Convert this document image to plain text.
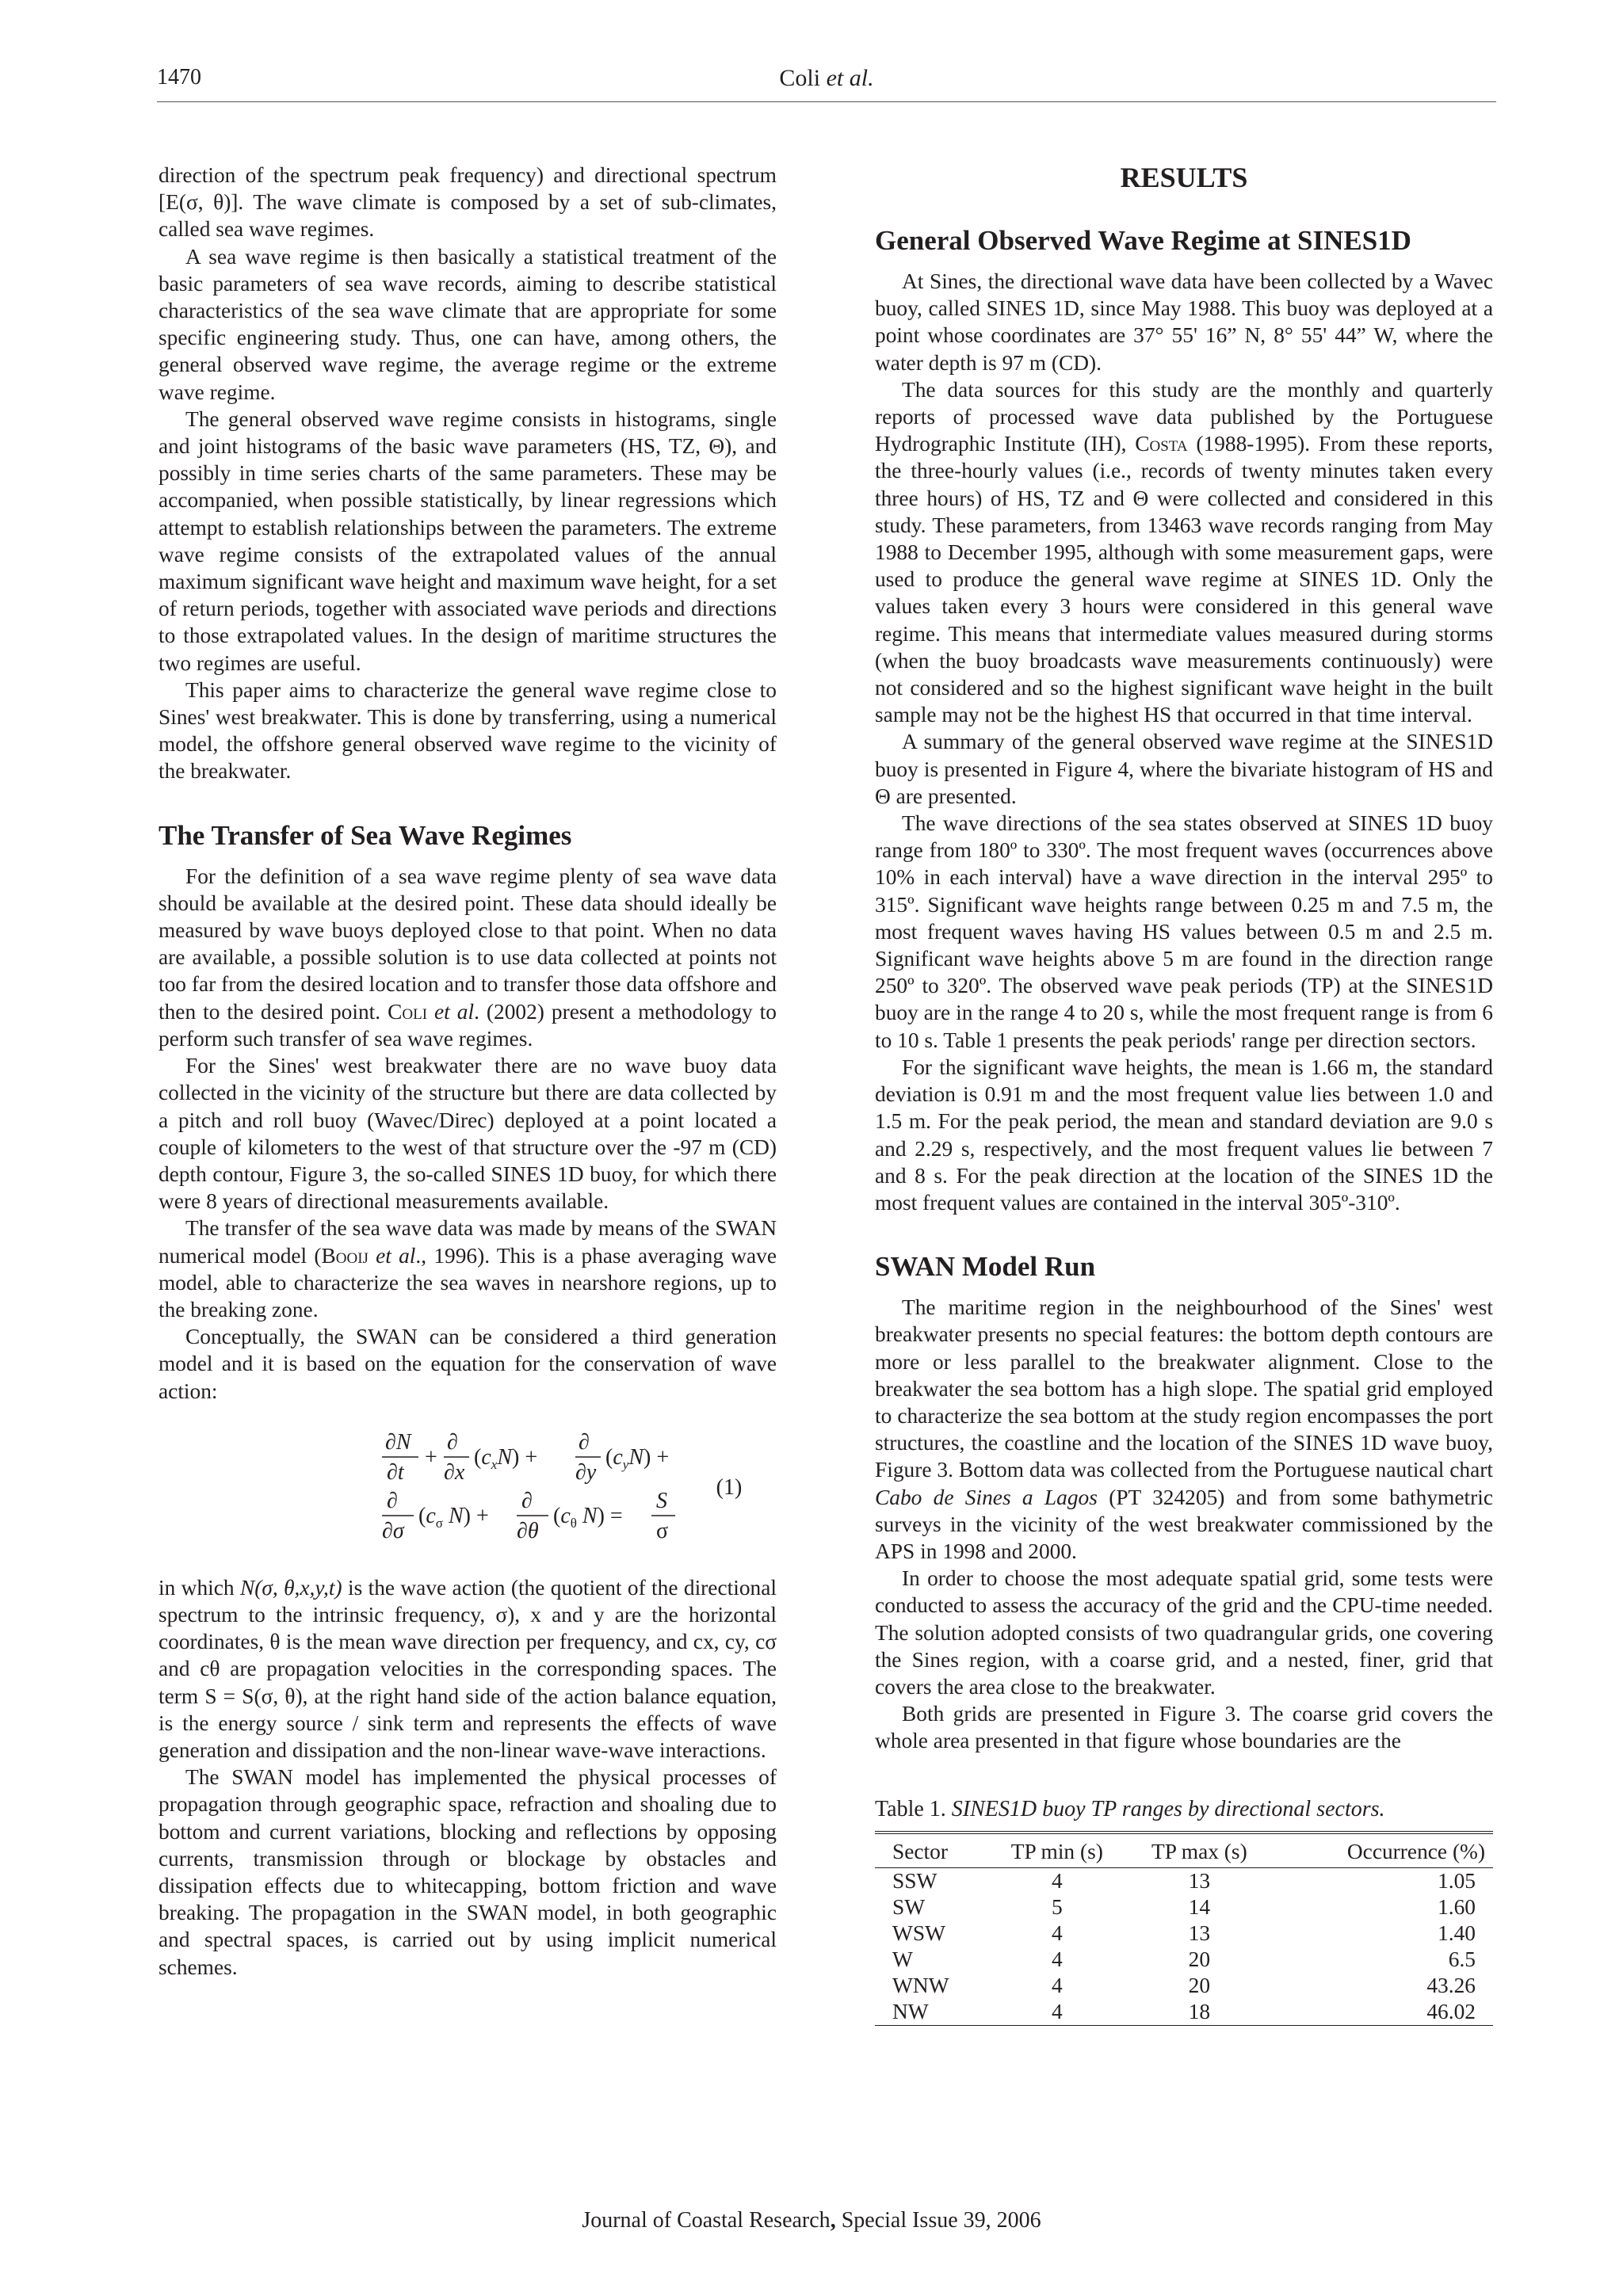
1470	Coli et al.

direction of the spectrum peak frequency) and directional spectrum [E(σ, θ)]. The wave climate is composed by a set of sub-climates, called sea wave regimes.

A sea wave regime is then basically a statistical treatment of the basic parameters of sea wave records, aiming to describe statistical characteristics of the sea wave climate that are appropriate for some specific engineering study. Thus, one can have, among others, the general observed wave regime, the average regime or the extreme wave regime.

The general observed wave regime consists in histograms, single and joint histograms of the basic wave parameters (HS, TZ, Θ), and possibly in time series charts of the same parameters. These may be accompanied, when possible statistically, by linear regressions which attempt to establish relationships between the parameters. The extreme wave regime consists of the extrapolated values of the annual maximum significant wave height and maximum wave height, for a set of return periods, together with associated wave periods and directions to those extrapolated values. In the design of maritime structures the two regimes are useful.

This paper aims to characterize the general wave regime close to Sines' west breakwater. This is done by transferring, using a numerical model, the offshore general observed wave regime to the vicinity of the breakwater.

The Transfer of Sea Wave Regimes

For the definition of a sea wave regime plenty of sea wave data should be available at the desired point. These data should ideally be measured by wave buoys deployed close to that point. When no data are available, a possible solution is to use data collected at points not too far from the desired location and to transfer those data offshore and then to the desired point. Coli et al. (2002) present a methodology to perform such transfer of sea wave regimes.

For the Sines' west breakwater there are no wave buoy data collected in the vicinity of the structure but there are data collected by a pitch and roll buoy (Wavec/Direc) deployed at a point located a couple of kilometers to the west of that structure over the -97 m (CD) depth contour, Figure 3, the so-called SINES 1D buoy, for which there were 8 years of directional measurements available.

The transfer of the sea wave data was made by means of the SWAN numerical model (Booij et al., 1996). This is a phase averaging wave model, able to characterize the sea waves in nearshore regions, up to the breaking zone.

Conceptually, the SWAN can be considered a third generation model and it is based on the equation for the conservation of wave action:

∂N
∂t
+
∂
∂x
$(c_xN)$ +
∂
∂y
$(c_yN)$ +
∂
∂σ
($c_\sigma$ N) +
∂
∂θ
($c_\theta$ N) =
S
σ
(1)

in which N(σ, θ,x,y,t) is the wave action (the quotient of the directional spectrum to the intrinsic frequency, σ), x and y are the horizontal coordinates, θ is the mean wave direction per frequency, and cx, cy, cσ and cθ are propagation velocities in the corresponding spaces. The term S = S(σ, θ), at the right hand side of the action balance equation, is the energy source / sink term and represents the effects of wave generation and dissipation and the non-linear wave-wave interactions.

The SWAN model has implemented the physical processes of propagation through geographic space, refraction and shoaling due to bottom and current variations, blocking and reflections by opposing currents, transmission through or blockage by obstacles and dissipation effects due to whitecapping, bottom friction and wave breaking. The propagation in the SWAN model, in both geographic and spectral spaces, is carried out by using implicit numerical schemes.

RESULTS
General Observed Wave Regime at SINES1D

At Sines, the directional wave data have been collected by a Wavec buoy, called SINES 1D, since May 1988. This buoy was deployed at a point whose coordinates are 37° 55' 16” N, 8° 55' 44” W, where the water depth is 97 m (CD).

The data sources for this study are the monthly and quarterly reports of processed wave data published by the Portuguese Hydrographic Institute (IH), Costa (1988-1995). From these reports, the three-hourly values (i.e., records of twenty minutes taken every three hours) of HS, TZ and Θ were collected and considered in this study. These parameters, from 13463 wave records ranging from May 1988 to December 1995, although with some measurement gaps, were used to produce the general wave regime at SINES 1D. Only the values taken every 3 hours were considered in this general wave regime. This means that intermediate values measured during storms (when the buoy broadcasts wave measurements continuously) were not considered and so the highest significant wave height in the built sample may not be the highest HS that occurred in that time interval.

A summary of the general observed wave regime at the SINES1D buoy is presented in Figure 4, where the bivariate histogram of HS and Θ are presented.

The wave directions of the sea states observed at SINES 1D buoy range from 180º to 330º. The most frequent waves (occurrences above 10% in each interval) have a wave direction in the interval 295º to 315º. Significant wave heights range between 0.25 m and 7.5 m, the most frequent waves having HS values between 0.5 m and 2.5 m. Significant wave heights above 5 m are found in the direction range 250º to 320º. The observed wave peak periods (TP) at the SINES1D buoy are in the range 4 to 20 s, while the most frequent range is from 6 to 10 s. Table 1 presents the peak periods' range per direction sectors.

For the significant wave heights, the mean is 1.66 m, the standard deviation is 0.91 m and the most frequent value lies between 1.0 and 1.5 m. For the peak period, the mean and standard deviation are 9.0 s and 2.29 s, respectively, and the most frequent values lie between 7 and 8 s. For the peak direction at the location of the SINES 1D the most frequent values are contained in the interval 305º-310º.

SWAN Model Run

The maritime region in the neighbourhood of the Sines' west breakwater presents no special features: the bottom depth contours are more or less parallel to the breakwater alignment. Close to the breakwater the sea bottom has a high slope. The spatial grid employed to characterize the sea bottom at the study region encompasses the port structures, the coastline and the location of the SINES 1D wave buoy, Figure 3. Bottom data was collected from the Portuguese nautical chart Cabo de Sines a Lagos (PT 324205) and from some bathymetric surveys in the vicinity of the west breakwater commissioned by the APS in 1998 and 2000.

In order to choose the most adequate spatial grid, some tests were conducted to assess the accuracy of the grid and the CPU-time needed. The solution adopted consists of two quadrangular grids, one covering the Sines region, with a coarse grid, and a nested, finer, grid that covers the area close to the breakwater.

Both grids are presented in Figure 3. The coarse grid covers the whole area presented in that figure whose boundaries are the

Table 1. SINES1D buoy TP ranges by directional sectors.
Sector	TP min (s)	TP max (s)	Occurrence (%)
SSW	4	13	1.05
SW	5	14	1.60
WSW	4	13	1.40
W	4	20	6.5
WNW	4	20	43.26
NW	4	18	46.02
Journal of Coastal Research, Special Issue 39, 2006
